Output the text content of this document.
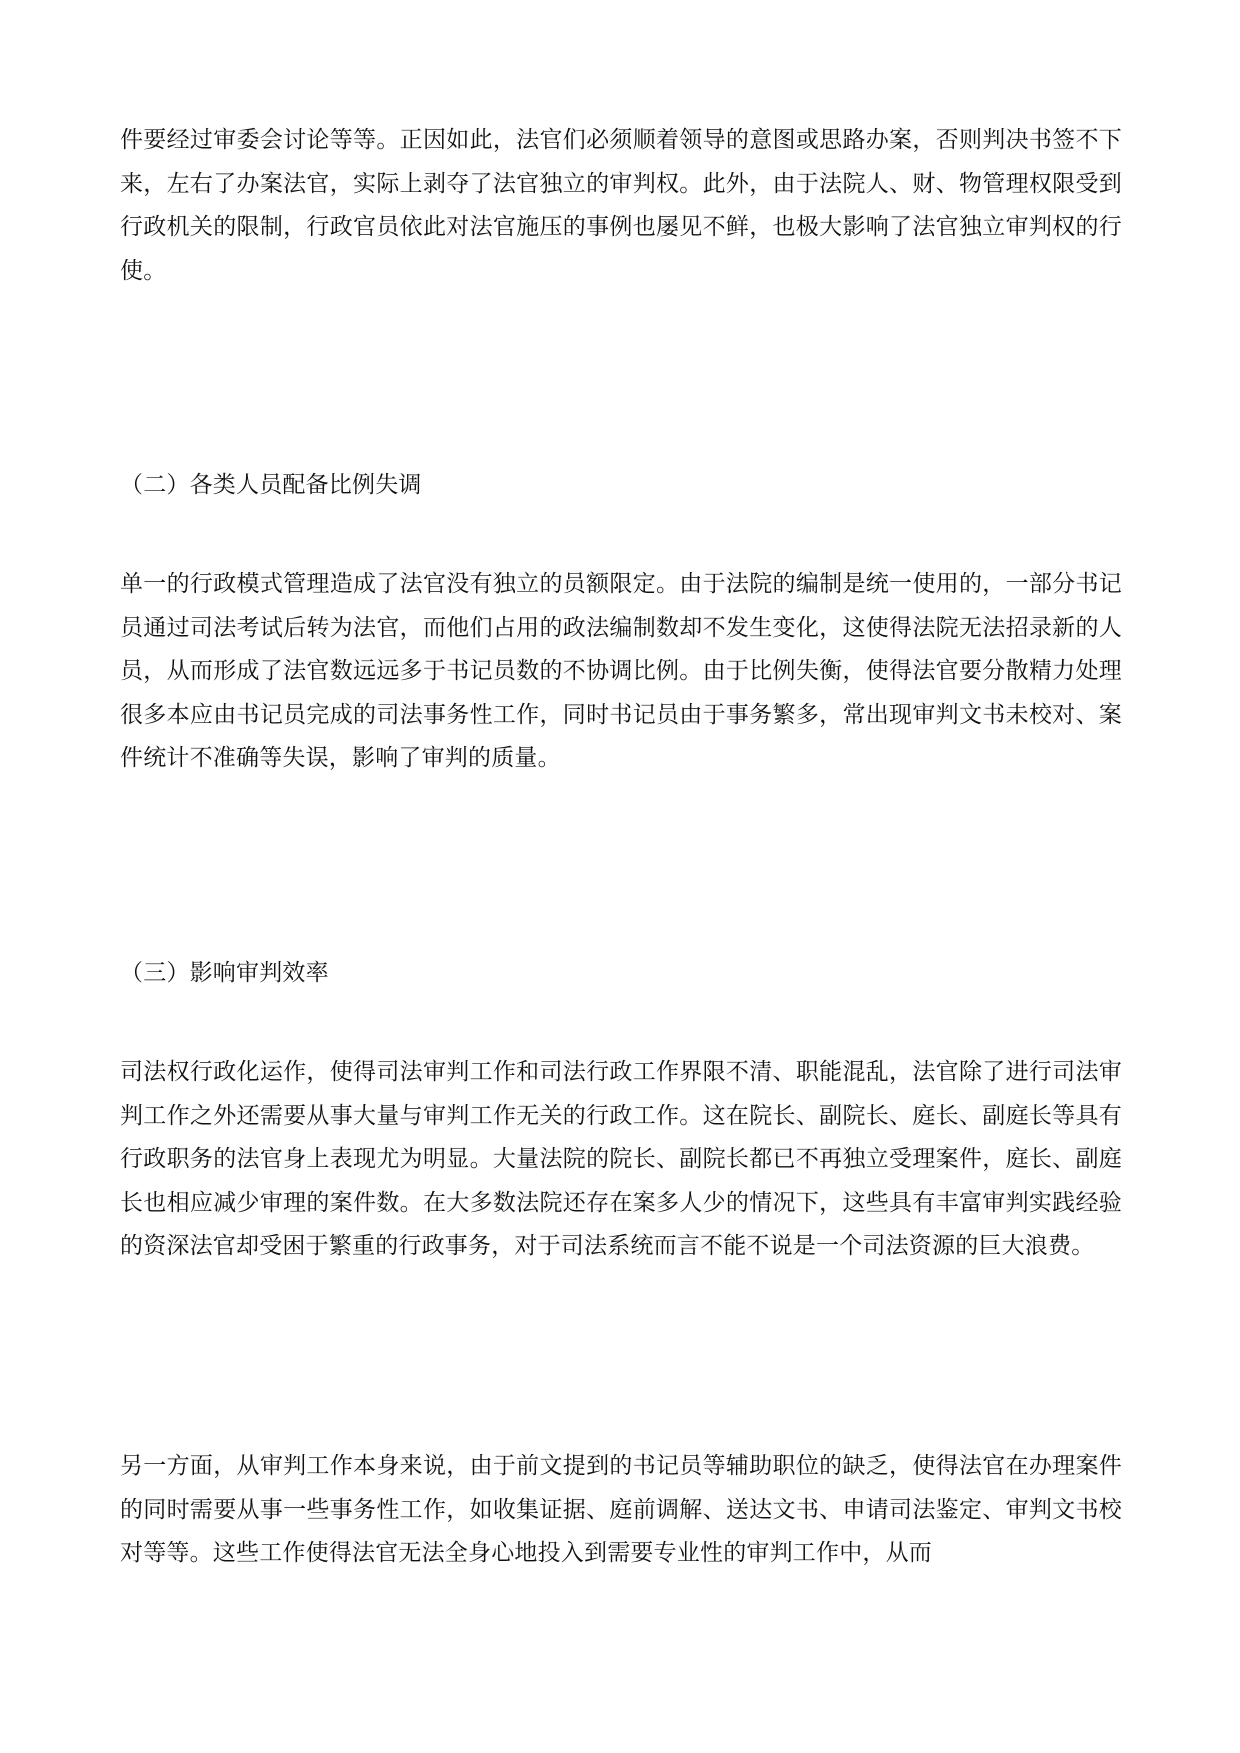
件要经过审委会讨论等等。正因如此，法官们必须顺着领导的意图或思路办案，否则判决书签不下来，左右了办案法官，实际上剥夺了法官独立的审判权。此外，由于法院人、财、物管理权限受到行政机关的限制，行政官员依此对法官施压的事例也屡见不鲜，也极大影响了法官独立审判权的行使。

（二）各类人员配备比例失调

单一的行政模式管理造成了法官没有独立的员额限定。由于法院的编制是统一使用的，一部分书记员通过司法考试后转为法官，而他们占用的政法编制数却不发生变化，这使得法院无法招录新的人员，从而形成了法官数远远多于书记员数的不协调比例。由于比例失衡，使得法官要分散精力处理很多本应由书记员完成的司法事务性工作，同时书记员由于事务繁多，常出现审判文书未校对、案件统计不准确等失误，影响了审判的质量。

（三）影响审判效率

司法权行政化运作，使得司法审判工作和司法行政工作界限不清、职能混乱，法官除了进行司法审判工作之外还需要从事大量与审判工作无关的行政工作。这在院长、副院长、庭长、副庭长等具有行政职务的法官身上表现尤为明显。大量法院的院长、副院长都已不再独立受理案件，庭长、副庭长也相应减少审理的案件数。在大多数法院还存在案多人少的情况下，这些具有丰富审判实践经验的资深法官却受困于繁重的行政事务，对于司法系统而言不能不说是一个司法资源的巨大浪费。

另一方面，从审判工作本身来说，由于前文提到的书记员等辅助职位的缺乏，使得法官在办理案件的同时需要从事一些事务性工作，如收集证据、庭前调解、送达文书、申请司法鉴定、审判文书校对等等。这些工作使得法官无法全身心地投入到需要专业性的审判工作中，从而
